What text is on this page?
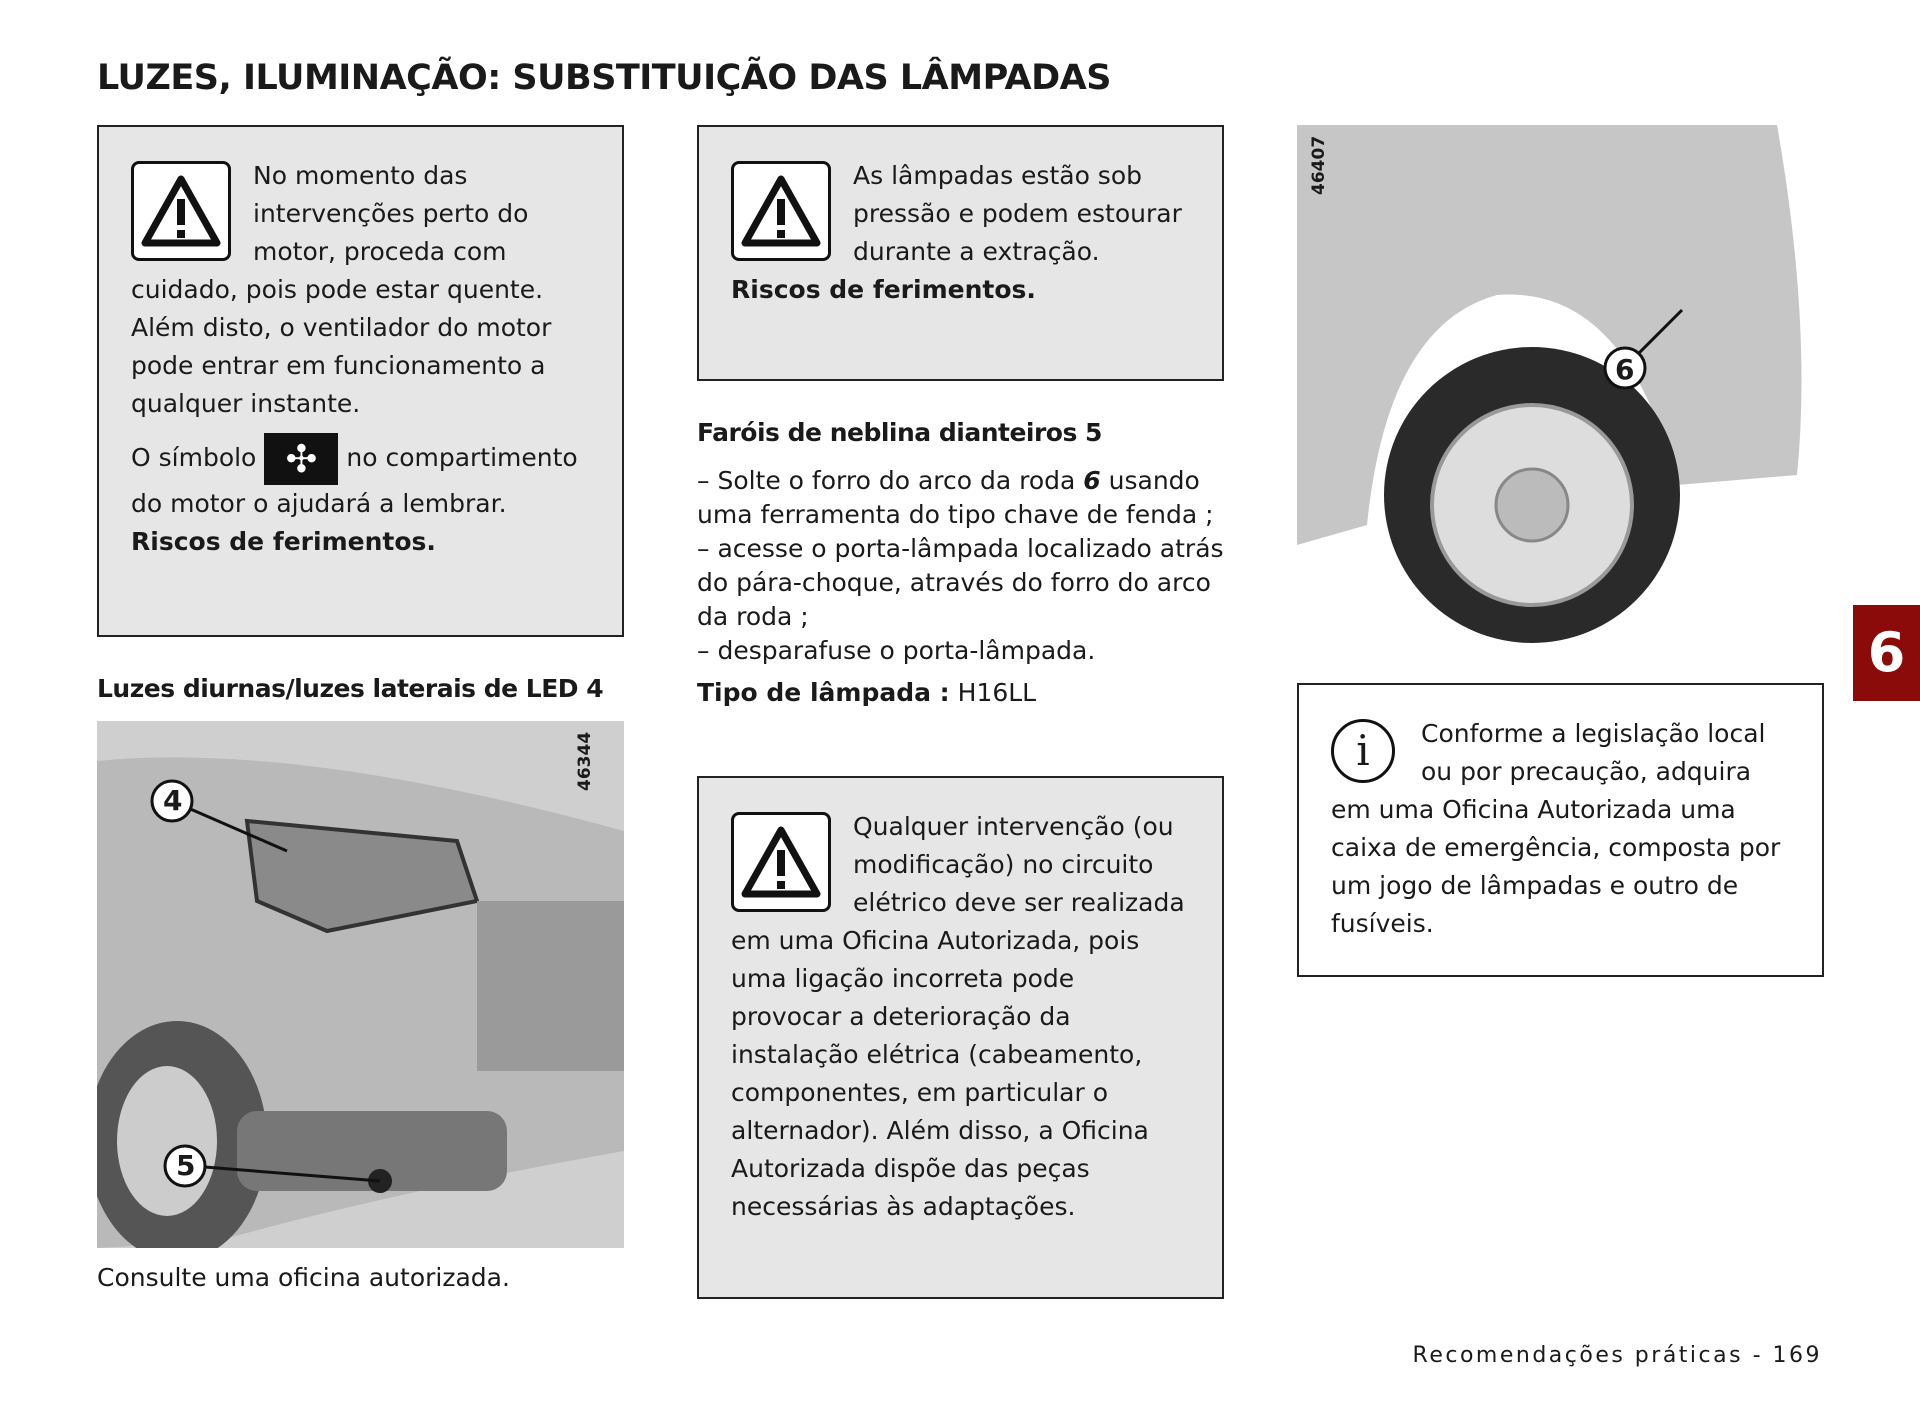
LUZES, ILUMINAÇÃO: SUBSTITUIÇÃO DAS LÂMPADAS

No momento das intervenções perto do motor, proceda com cuidado, pois pode estar quente. Além disto, o ventilador do motor pode entrar em funcionamento a qualquer instante.

O símbolo ✣ no compartimento do motor o ajudará a lembrar.

Riscos de ferimentos.

Luzes diurnas/luzes laterais de LED 4
4
5
46344
Consulte uma oficina autorizada.

As lâmpadas estão sob pressão e podem estourar durante a extração.

Riscos de ferimentos.

Faróis de neblina dianteiros 5

– Solte o forro do arco da roda 6 usando uma ferramenta do tipo chave de fenda ;

– acesse o porta-lâmpada localizado atrás do pára-choque, através do forro do arco da roda ;

– desparafuse o porta-lâmpada.

Tipo de lâmpada : H16LL

Qualquer intervenção (ou modificação) no circuito elétrico deve ser realizada em uma Oficina Autorizada, pois uma ligação incorreta pode provocar a deterioração da instalação elétrica (cabeamento, componentes, em particular o alternador). Além disso, a Oficina Autorizada dispõe das peças necessárias às adaptações.

6
46407
i	Conforme a legislação local ou por precaução, adquira em uma Oficina Autorizada uma caixa de emergência, composta por um jogo de lâmpadas e outro de fusíveis.

6
Recomendações práticas - 169
